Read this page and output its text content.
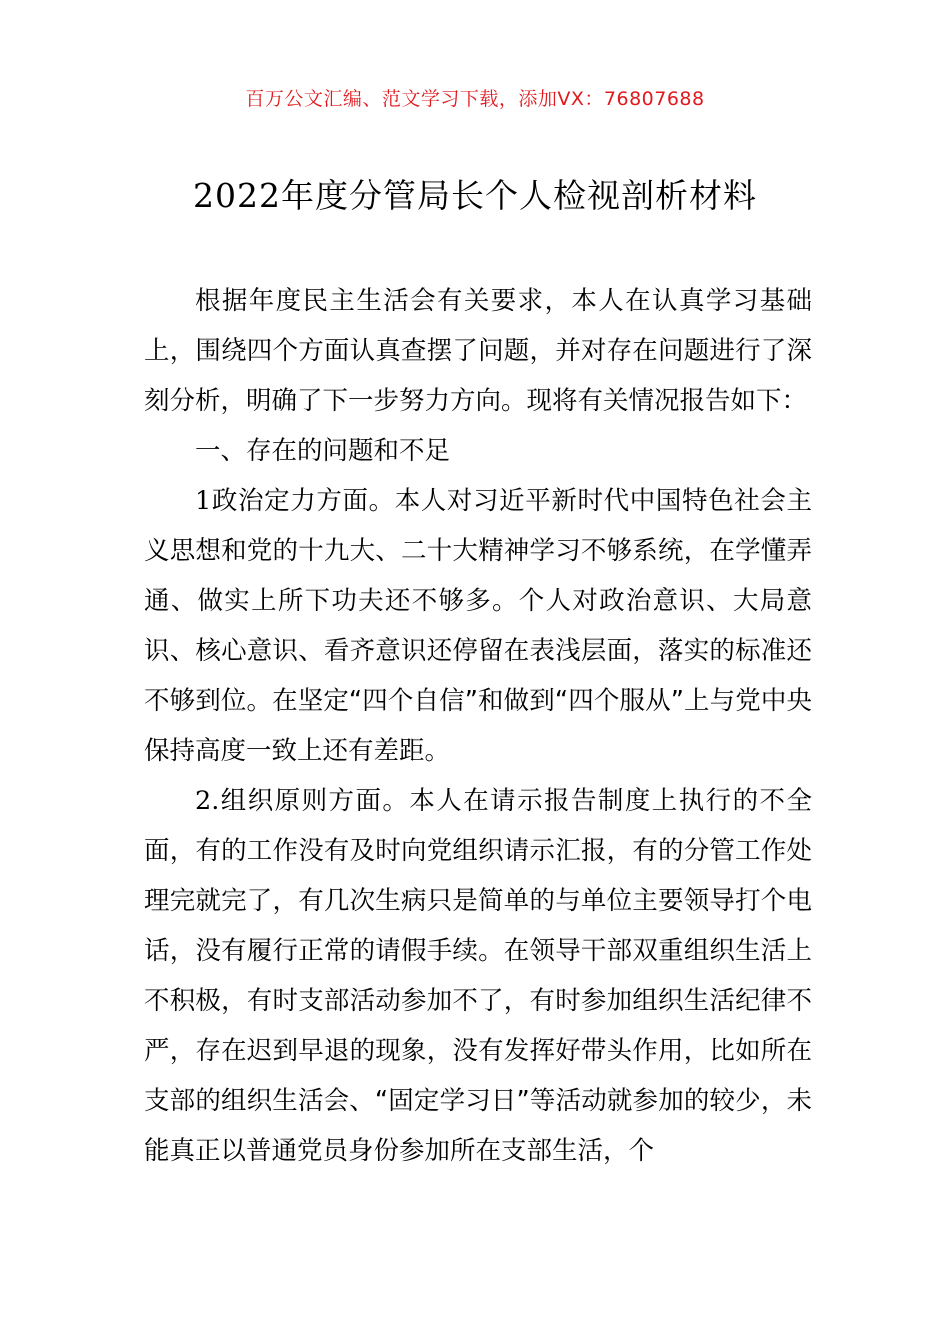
百万公文汇编、范文学习下载，添加VX：76807688
2022年度分管局长个人检视剖析材料

根据年度民主生活会有关要求，本人在认真学习基础上，围绕四个方面认真查摆了问题，并对存在问题进行了深刻分析，明确了下一步努力方向。现将有关情况报告如下：

一、存在的问题和不足

1政治定力方面。本人对习近平新时代中国特色社会主义思想和党的十九大、二十大精神学习不够系统，在学懂弄通、做实上所下功夫还不够多。个人对政治意识、大局意识、核心意识、看齐意识还停留在表浅层面，落实的标准还不够到位。在坚定“四个自信”和做到“四个服从”上与党中央保持高度一致上还有差距。

2.组织原则方面。本人在请示报告制度上执行的不全面，有的工作没有及时向党组织请示汇报，有的分管工作处理完就完了，有几次生病只是简单的与单位主要领导打个电话，没有履行正常的请假手续。在领导干部双重组织生活上不积极，有时支部活动参加不了，有时参加组织生活纪律不严，存在迟到早退的现象，没有发挥好带头作用，比如所在支部的组织生活会、“固定学习日”等活动就参加的较少，未能真正以普通党员身份参加所在支部生活，个
